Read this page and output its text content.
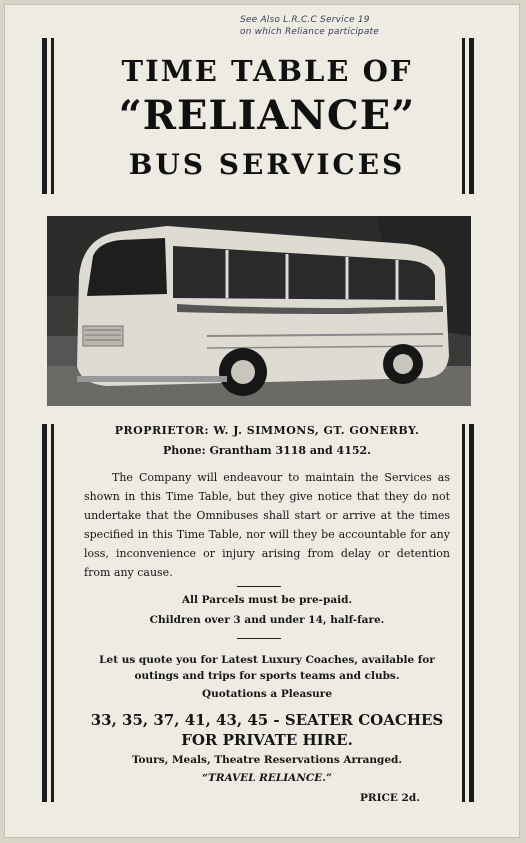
See Also L.R.C.C Service 19
on which Reliance participate
TIME TABLE OF
“RELIANCE”
BUS SERVICES
PROPRIETOR: W. J. SIMMONS, GT. GONERBY.
Phone: Grantham 3118 and 4152.
The Company will endeavour to maintain the Services as shown in this Time Table, but they give notice that they do not undertake that the Omnibuses shall start or arrive at the times specified in this Time Table, nor will they be accountable for any loss, inconvenience or injury arising from delay or detention from any cause.
All Parcels must be pre-paid.
Children over 3 and under 14, half-fare.
Let us quote you for Latest Luxury Coaches, available for outings and trips for sports teams and clubs.
Quotations a Pleasure
33, 35, 37, 41, 43, 45 - SEATER COACHES
FOR PRIVATE HIRE.
Tours, Meals, Theatre Reservations Arranged.
“TRAVEL RELIANCE.”
PRICE 2d.
